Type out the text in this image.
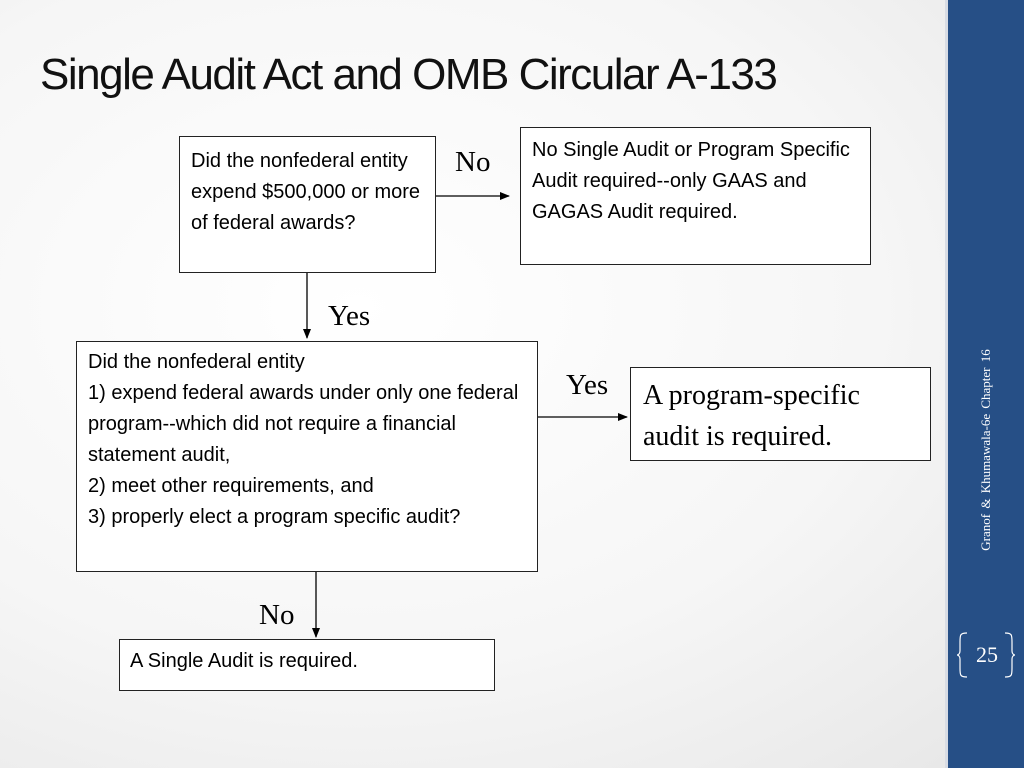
Single Audit Act and OMB Circular A-133
Did the nonfederal entity expend $500,000 or more of federal awards?
No Single Audit or Program Specific Audit required--only GAAS and GAGAS Audit required.
Did the nonfederal entity
1) expend federal awards under only one federal program--which did not require a financial statement audit,
2) meet other requirements, and
3) properly elect a program specific audit?
A program-specific audit is required.
A Single Audit is required.
No
Yes
Yes
No
Granof & Khumawala-6e Chapter 16
25
